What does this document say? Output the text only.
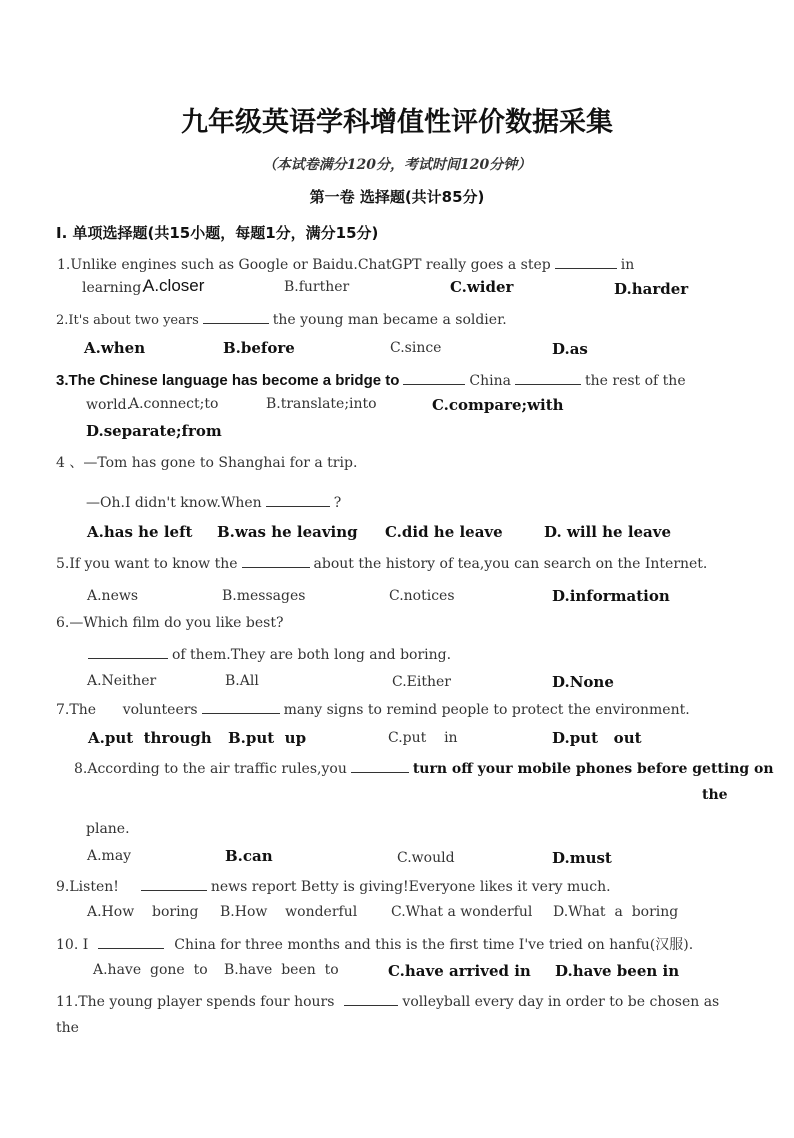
九年级英语学科增值性评价数据采集
（本试卷满分120分，考试时间120分钟）
第一卷 选择题(共计85分)
I. 单项选择题(共15小题，每题1分，满分15分)
1.Unlike engines such as Google or Baidu.ChatGPT really goes a step	in
learning.
A.closer	B.further	C.wider	D.harder
2.It's about two years	the young man became a soldier.
A.when	B.before	C.since	D.as
3.The Chinese language has become a bridge to	China	the rest of the
world.
A.connect;to	B.translate;into	C.compare;with
D.separate;from
4 、—Tom has gone to Shanghai for a trip.
—Oh.I didn't know.When	?
A.has he left B.was he leaving C.did he leave	D. will he leave
5.If you want to know the	about the history of tea,you can search on the Internet.
A.news	B.messages	C.notices	D.information
6.—Which film do you like best?
of them.They are both long and boring.
A.Neither	B.All	C.Either	D.None
7.The      volunteers	many signs to remind people to protect the environment.
A.put  through B.put  up	C.put    in	D.put   out
8.According to the air traffic rules,you	turn off your mobile phones before getting on
the
plane.
A.may	B.can	C.would	D.must
9.Listen!	news report Betty is giving!Everyone likes it very much.
A.How    boring B.How    wonderful C.What a wonderful D.What  a  boring
10. I	China for three months and this is the first time I've tried on hanfu(汉服).
A.have  gone  to B.have  been  to	C.have arrived in D.have been in
11.The young player spends four hours	volleyball every day in order to be chosen as
the
